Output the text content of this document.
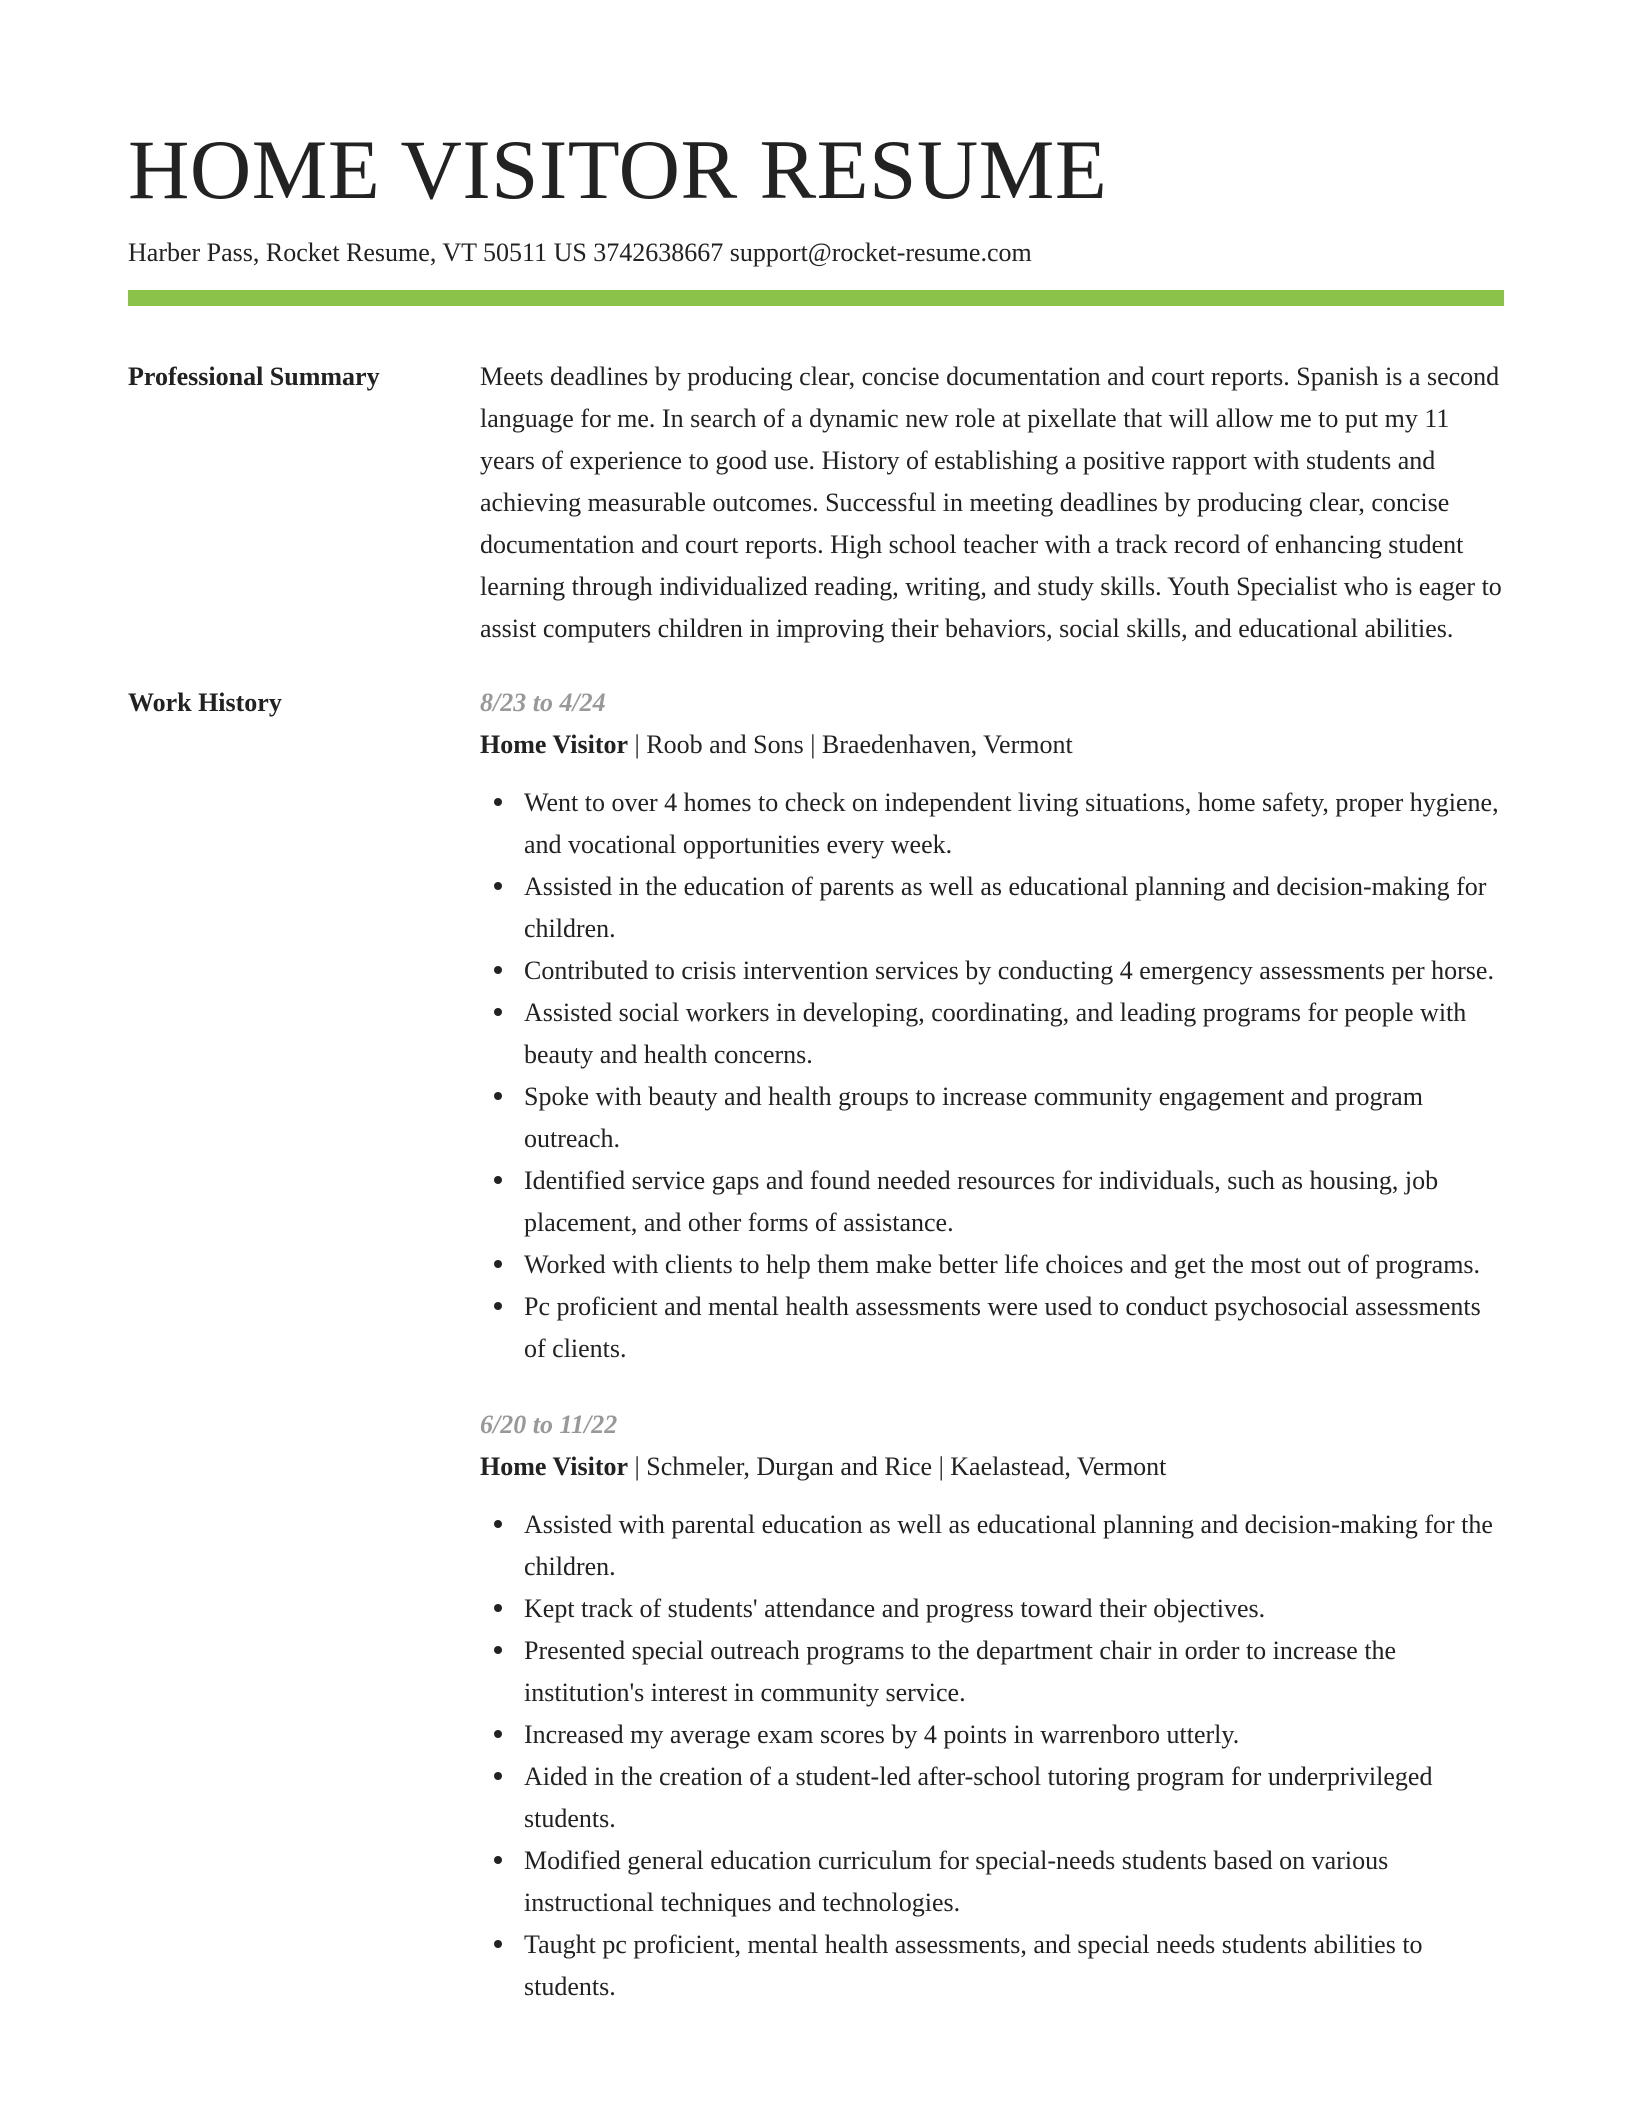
HOME VISITOR RESUME
Harber Pass, Rocket Resume, VT 50511 US 3742638667 support@rocket-resume.com
Professional Summary	Meets deadlines by producing clear, concise documentation and court reports. Spanish is a second language for me. In search of a dynamic new role at pixellate that will allow me to put my 11 years of experience to good use. History of establishing a positive rapport with students and achieving measurable outcomes. Successful in meeting deadlines by producing clear, concise documentation and court reports. High school teacher with a track record of enhancing student learning through individualized reading, writing, and study skills. Youth Specialist who is eager to assist computers children in improving their behaviors, social skills, and educational abilities.

Work History	8/23 to 4/24
Home Visitor | Roob and Sons | Braedenhaven, Vermont
Went to over 4 homes to check on independent living situations, home safety, proper hygiene, and vocational opportunities every week.
Assisted in the education of parents as well as educational planning and decision-making for children.
Contributed to crisis intervention services by conducting 4 emergency assessments per horse.
Assisted social workers in developing, coordinating, and leading programs for people with beauty and health concerns.
Spoke with beauty and health groups to increase community engagement and program outreach.
Identified service gaps and found needed resources for individuals, such as housing, job placement, and other forms of assistance.
Worked with clients to help them make better life choices and get the most out of programs.
Pc proficient and mental health assessments were used to conduct psychosocial assessments of clients.
6/20 to 11/22
Home Visitor | Schmeler, Durgan and Rice | Kaelastead, Vermont
Assisted with parental education as well as educational planning and decision-making for the children.
Kept track of students' attendance and progress toward their objectives.
Presented special outreach programs to the department chair in order to increase the institution's interest in community service.
Increased my average exam scores by 4 points in warrenboro utterly.
Aided in the creation of a student-led after-school tutoring program for underprivileged students.
Modified general education curriculum for special-needs students based on various instructional techniques and technologies.
Taught pc proficient, mental health assessments, and special needs students abilities to students.
